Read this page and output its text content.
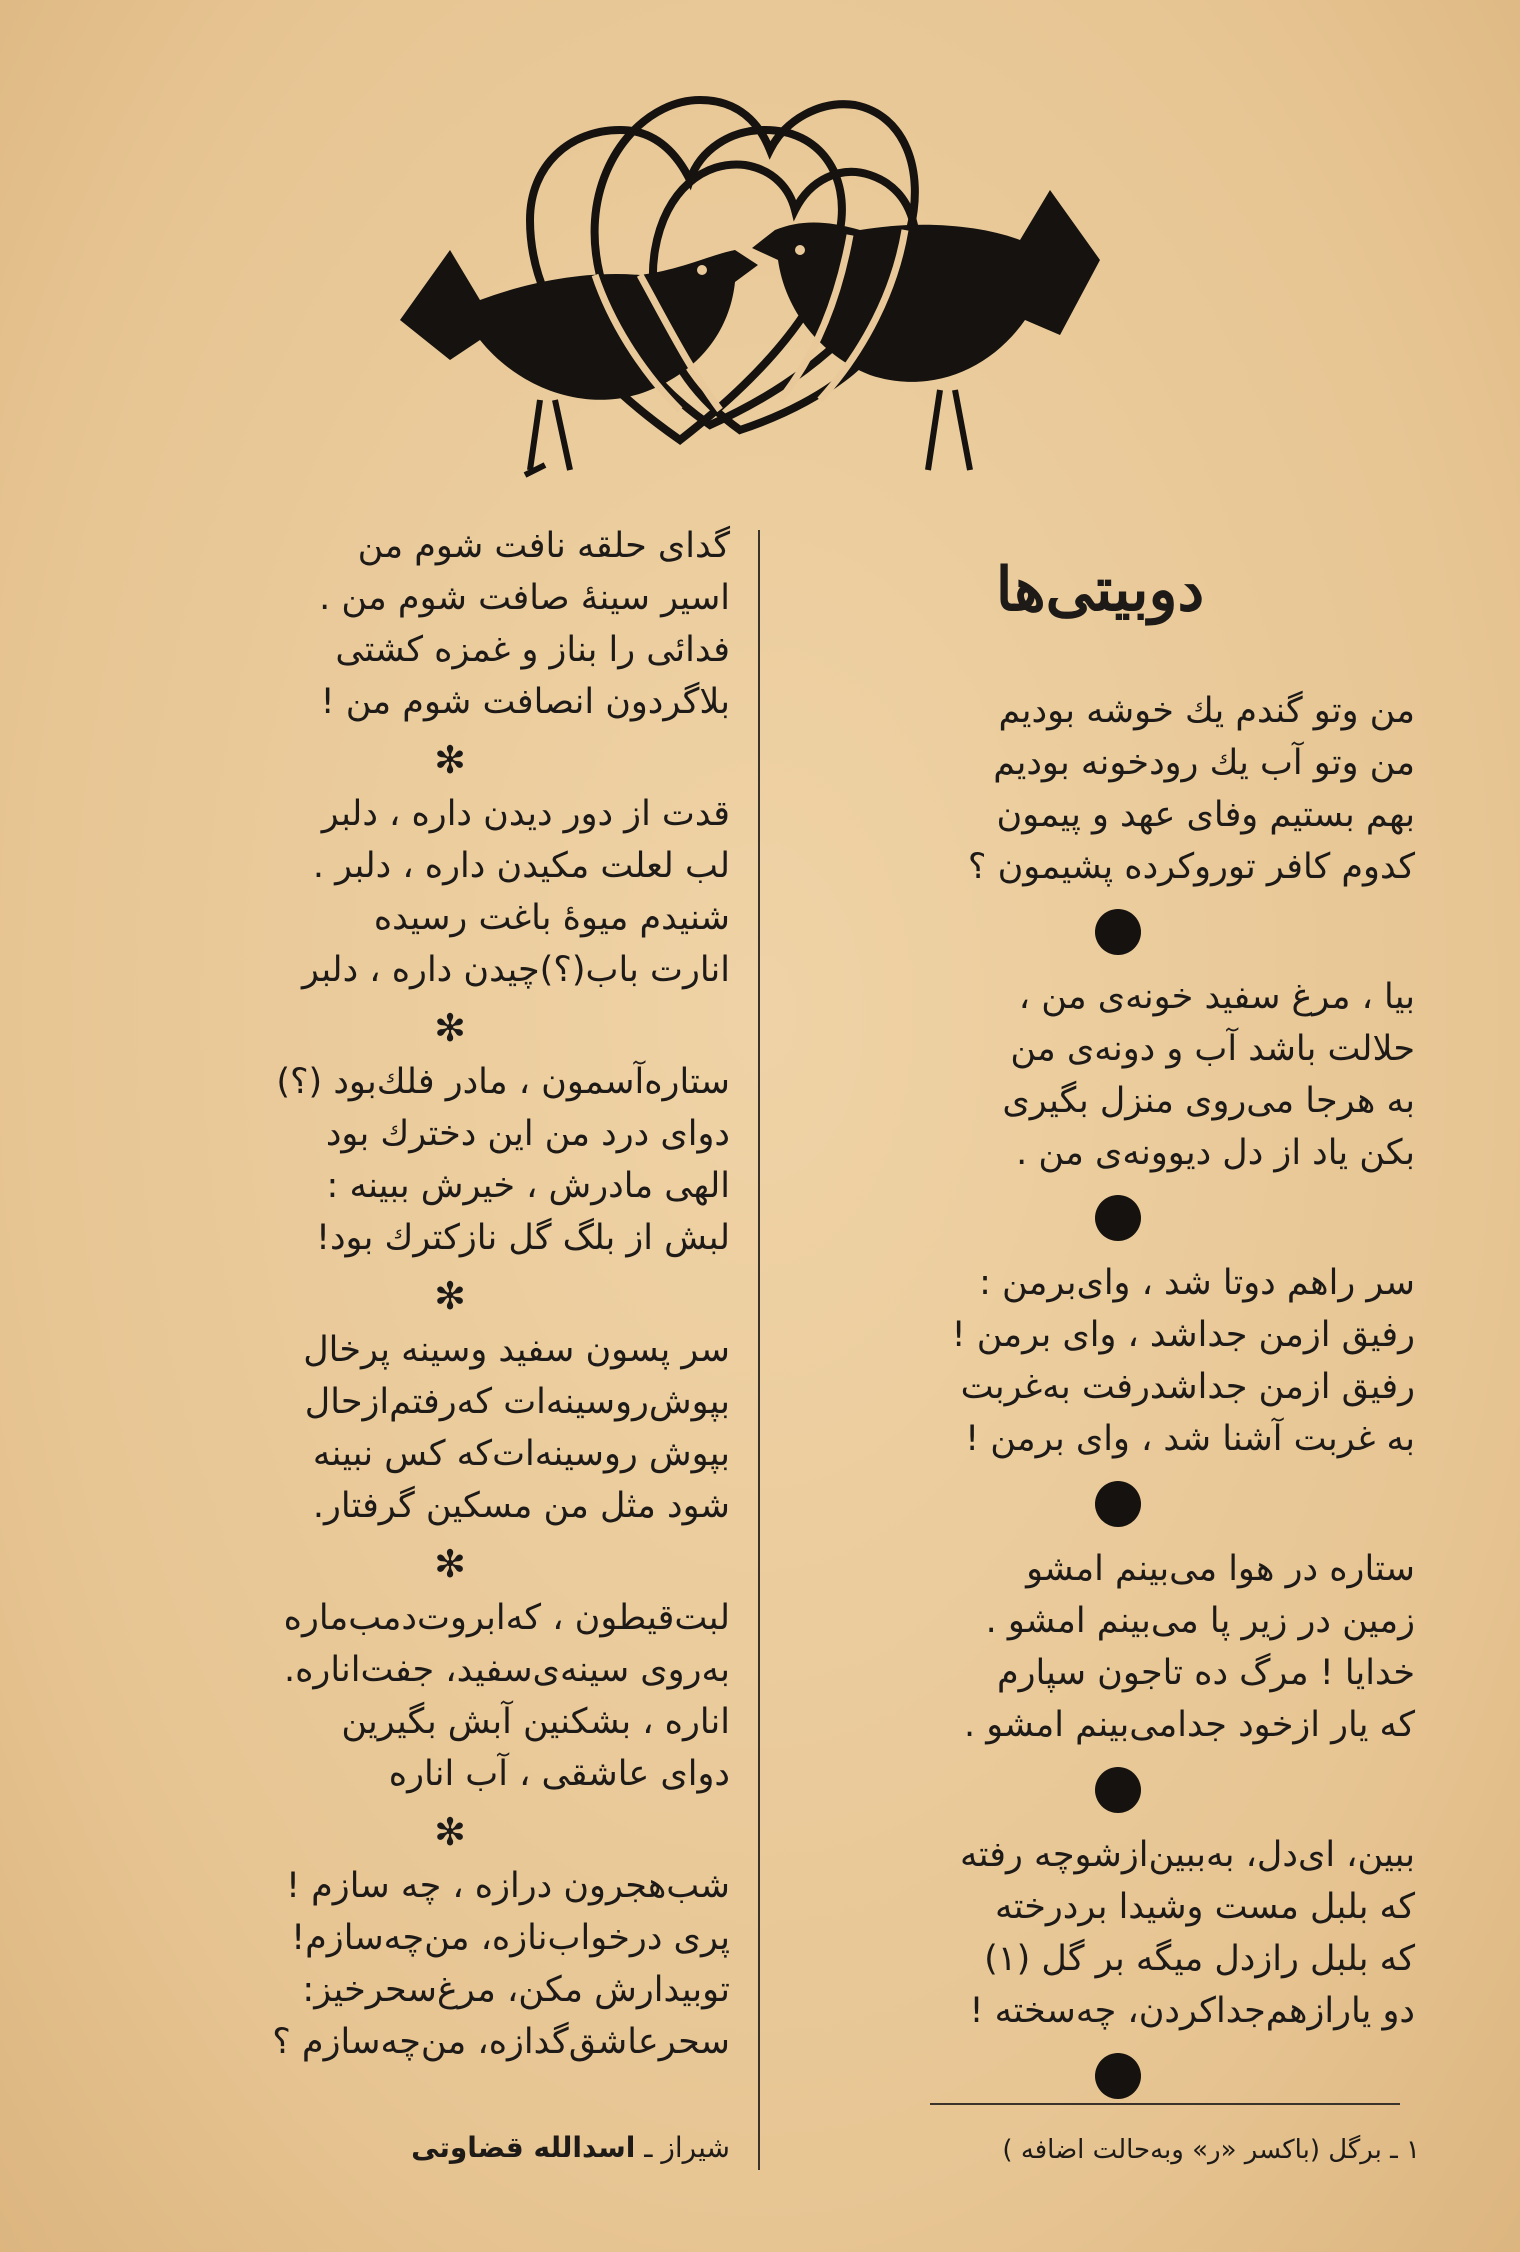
دوبیتی‌ها
گدای حلقه نافت شوم من
اسیر سینهٔ صافت شوم من .
فدائی را بناز و غمزه کشتی
بلاگردون انصافت شوم من !
✻
قدت از دور دیدن داره ، دلبر
لب لعلت مکیدن داره ، دلبر .
شنیدم میوهٔ باغت رسیده
انارت باب(؟)چیدن داره ، دلبر
✻
ستاره‌آسمون ، مادر فلك‌بود (؟)
دوای درد من این دخترك بود
الهی مادرش ، خیرش ببینه :
لبش از بلگ گل نازکترك بود!
✻
سر پسون سفید وسینه پرخال
بپوش‌روسینه‌ات که‌رفتم‌ازحال
بپوش روسینه‌ات‌که کس نبینه
شود مثل من مسکین گرفتار.
✻
لبت‌قیطون ، که‌ابروت‌دمب‌ماره
به‌روی سینه‌ی‌سفید، جفت‌اناره.
اناره ، بشکنین آبش بگیرین
دوای عاشقی ، آب اناره
✻
شب‌هجرون درازه ، چه سازم !
پری درخواب‌نازه، من‌چه‌سازم!
تو‌بیدارش مکن، مرغ‌سحرخیز:
سحرعاشق‌گدازه، من‌چه‌سازم ؟
من وتو گندم یك خوشه بودیم
من وتو آب یك رودخونه بودیم
بهم بستیم وفای عهد و پیمون
کدوم کافر توروکرده پشیمون ؟
بیا ، مرغ سفید خونه‌ی من ،
حلالت باشد آب و دونه‌ی من
به هرجا می‌روی منزل بگیری
بکن یاد از دل دیوونه‌ی من .
سر راهم دوتا شد ، وای‌برمن :
رفیق ازمن جداشد ، وای برمن !
رفیق ازمن جداشدرفت به‌غربت
به غربت آشنا شد ، وای برمن !
ستاره در هوا می‌بینم امشو
زمین در زیر پا می‌بینم امشو .
خدایا ! مرگ ده تاجون سپارم
که یار ازخود جدامی‌بینم امشو .
ببین، ای‌دل، به‌ببین‌ازشوچه رفته
که بلبل مست وشیدا بردرخته
که بلبل رازدل میگه بر گل (۱)
دو یارازهم‌جداکردن، چه‌سخته !
۱ ـ برگل (باکسر «ر» وبه‌حالت اضافه )
شیراز ـ اسدالله قضاوتی
